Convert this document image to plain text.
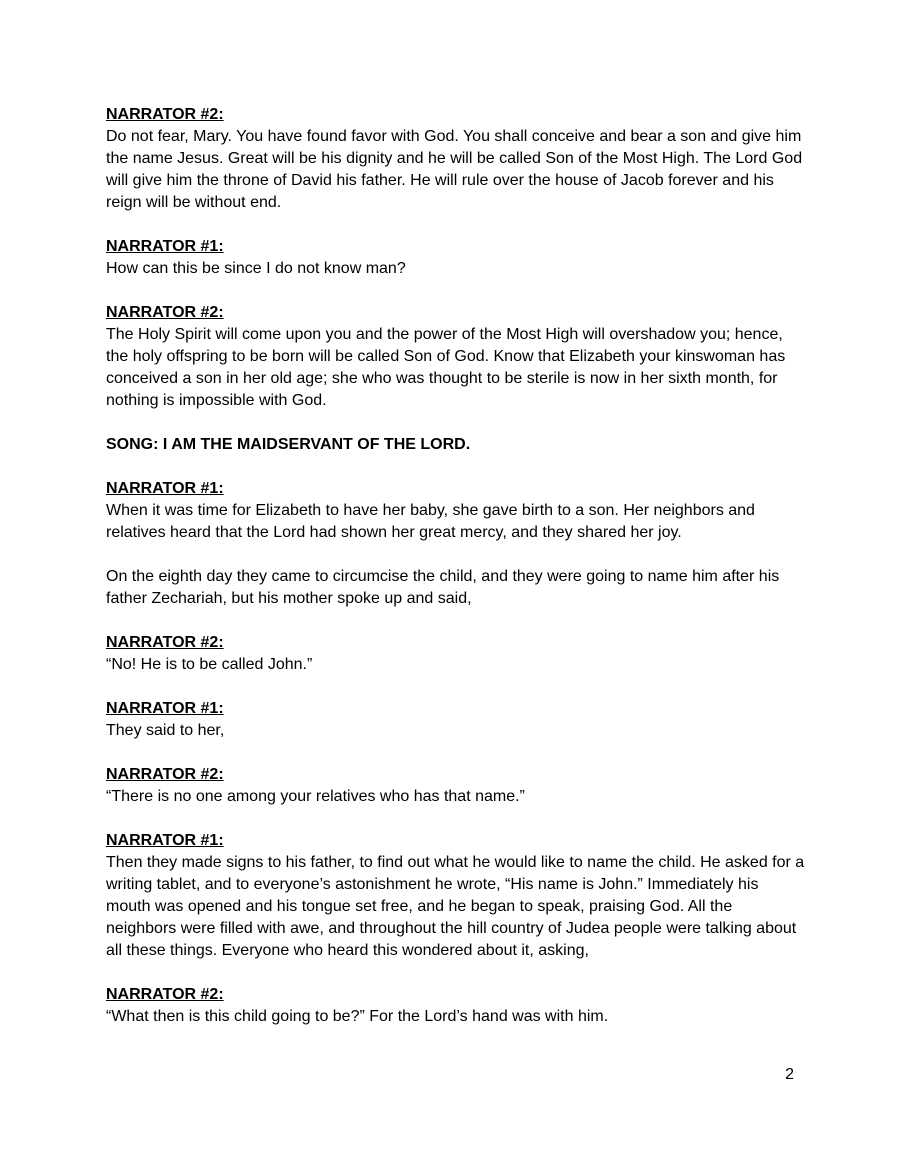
NARRATOR #2:
Do not fear, Mary. You have found favor with God. You shall conceive and bear a son and give him the name Jesus. Great will be his dignity and he will be called Son of the Most High. The Lord God will give him the throne of David his father. He will rule over the house of Jacob forever and his reign will be without end.
NARRATOR #1:
How can this be since I do not know man?
NARRATOR #2:
The Holy Spirit will come upon you and the power of the Most High will overshadow you; hence, the holy offspring to be born will be called Son of God. Know that Elizabeth your kinswoman has conceived a son in her old age; she who was thought to be sterile is now in her sixth month, for nothing is impossible with God.
SONG: I AM THE MAIDSERVANT OF THE LORD.
NARRATOR #1:
When it was time for Elizabeth to have her baby, she gave birth to a son. Her neighbors and relatives heard that the Lord had shown her great mercy, and they shared her joy.
On the eighth day they came to circumcise the child, and they were going to name him after his father Zechariah, but his mother spoke up and said,
NARRATOR #2:
“No! He is to be called John.”
NARRATOR #1:
They said to her,
NARRATOR #2:
“There is no one among your relatives who has that name.”
NARRATOR #1:
Then they made signs to his father, to find out what he would like to name the child. He asked for a writing tablet, and to everyone’s astonishment he wrote, “His name is John.” Immediately his mouth was opened and his tongue set free, and he began to speak, praising God. All the neighbors were filled with awe, and throughout the hill country of Judea people were talking about all these things. Everyone who heard this wondered about it, asking,
NARRATOR #2:
“What then is this child going to be?” For the Lord’s hand was with him.
2
